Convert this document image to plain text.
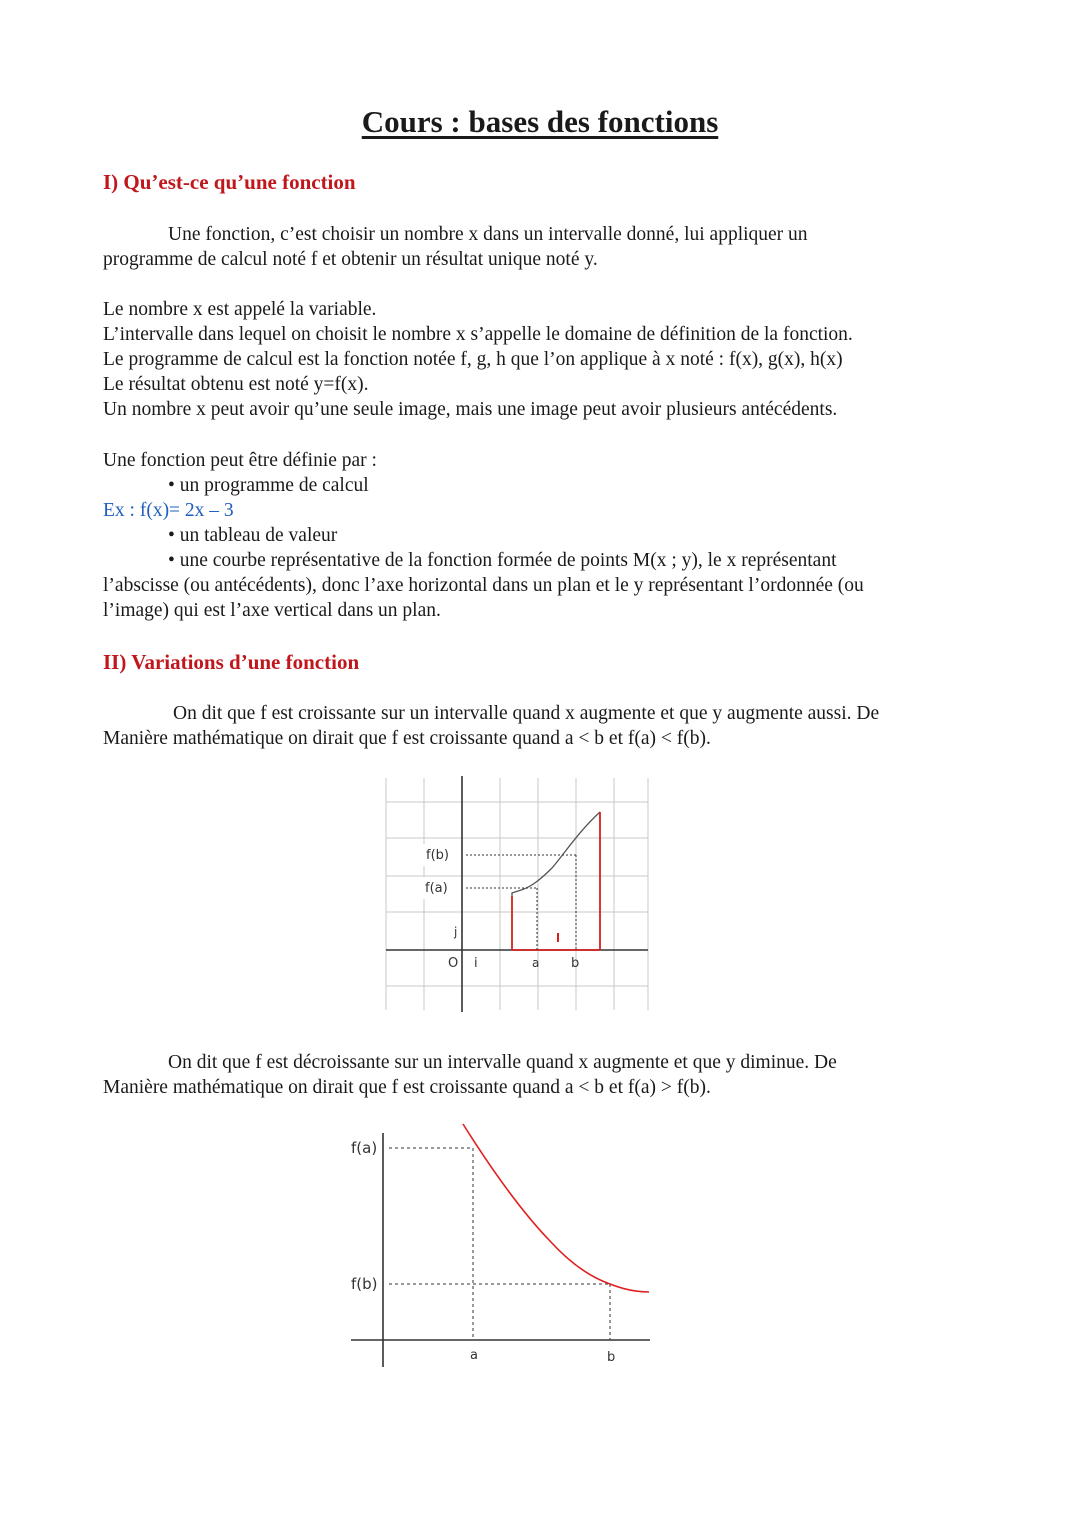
Cours : bases des fonctions
I) Qu’est-ce qu’une fonction
Une fonction, c’est choisir un nombre x dans un intervalle donné, lui appliquer un
programme de calcul noté f et obtenir un résultat unique noté y.
Le nombre x est appelé la variable.
L’intervalle dans lequel on choisit le nombre x s’appelle le domaine de définition de la fonction.
Le programme de calcul est la fonction notée f, g, h que l’on applique à x noté : f(x), g(x), h(x)
Le résultat obtenu est noté y=f(x).
Un nombre x peut avoir qu’une seule image, mais une image peut avoir plusieurs antécédents.
Une fonction peut être définie par :
• un programme de calcul
Ex : f(x)= 2x – 3
• un tableau de valeur
• une courbe représentative de la fonction formée de points M(x ; y), le x représentant
l’abscisse (ou antécédents), donc l’axe horizontal dans un plan et le y représentant l’ordonnée (ou
l’image) qui est l’axe vertical dans un plan.
II) Variations d’une fonction
On dit que f est croissante sur un intervalle quand x augmente et que y augmente aussi. De
Manière mathématique on dirait que f est croissante quand a < b et f(a) < f(b).
f(b)
f(a)
j
O i	a b
On dit que f est décroissante sur un intervalle quand x augmente et que y diminue. De
Manière mathématique on dirait que f est croissante quand a < b et f(a) > f(b).
f(a)
f(b)
a	b
